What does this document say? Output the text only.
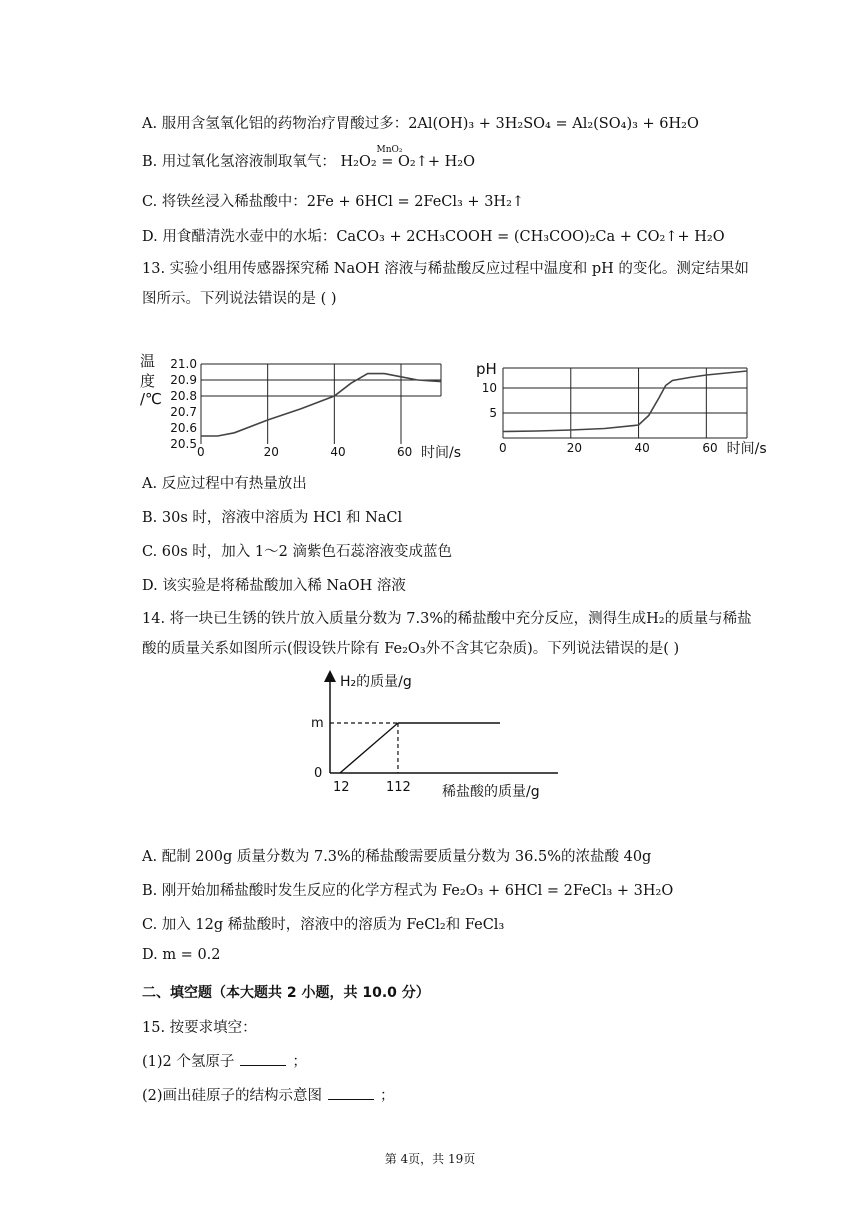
A. 服用含氢氧化铝的药物治疗胃酸过多：2Al(OH)₃ + 3H₂SO₄ = Al₂(SO₄)₃ + 6H₂O
B. 用过氧化氢溶液制取氧气：
MnO₂
H₂O₂ = O₂↑+ H₂O
C. 将铁丝浸入稀盐酸中：2Fe + 6HCl = 2FeCl₃ + 3H₂↑
D. 用食醋清洗水壶中的水垢：CaCO₃ + 2CH₃COOH = (CH₃COO)₂Ca + CO₂↑+ H₂O
13. 实验小组用传感器探究稀 NaOH 溶液与稀盐酸反应过程中温度和 pH 的变化。测定结果如图所示。下列说法错误的是 ( )
温
度
/℃
21.0
20.9
20.8
20.7
20.6
20.5
0	20	40	60 时间/s
pH
10
5
0	20	40	60 时间/s
A. 反应过程中有热量放出
B. 30s 时，溶液中溶质为 HCl 和 NaCl
C. 60s 时，加入 1～2 滴紫色石蕊溶液变成蓝色
D. 该实验是将稀盐酸加入稀 NaOH 溶液
14. 将一块已生锈的铁片放入质量分数为 7.3%的稀盐酸中充分反应，测得生成H₂的质量与稀盐酸的质量关系如图所示(假设铁片除有 Fe₂O₃外不含其它杂质)。下列说法错误的是( )
H₂的质量/g
m
0
12	112 稀盐酸的质量/g
A. 配制 200g 质量分数为 7.3%的稀盐酸需要质量分数为 36.5%的浓盐酸 40g
B. 刚开始加稀盐酸时发生反应的化学方程式为 Fe₂O₃ + 6HCl = 2FeCl₃ + 3H₂O
C. 加入 12g 稀盐酸时，溶液中的溶质为 FeCl₂和 FeCl₃
D. m = 0.2
二、填空题（本大题共 2 小题，共 10.0 分）
15. 按要求填空：
(1)2 个氢原子	；
(2)画出硅原子的结构示意图	；
第 4页，共 19页
